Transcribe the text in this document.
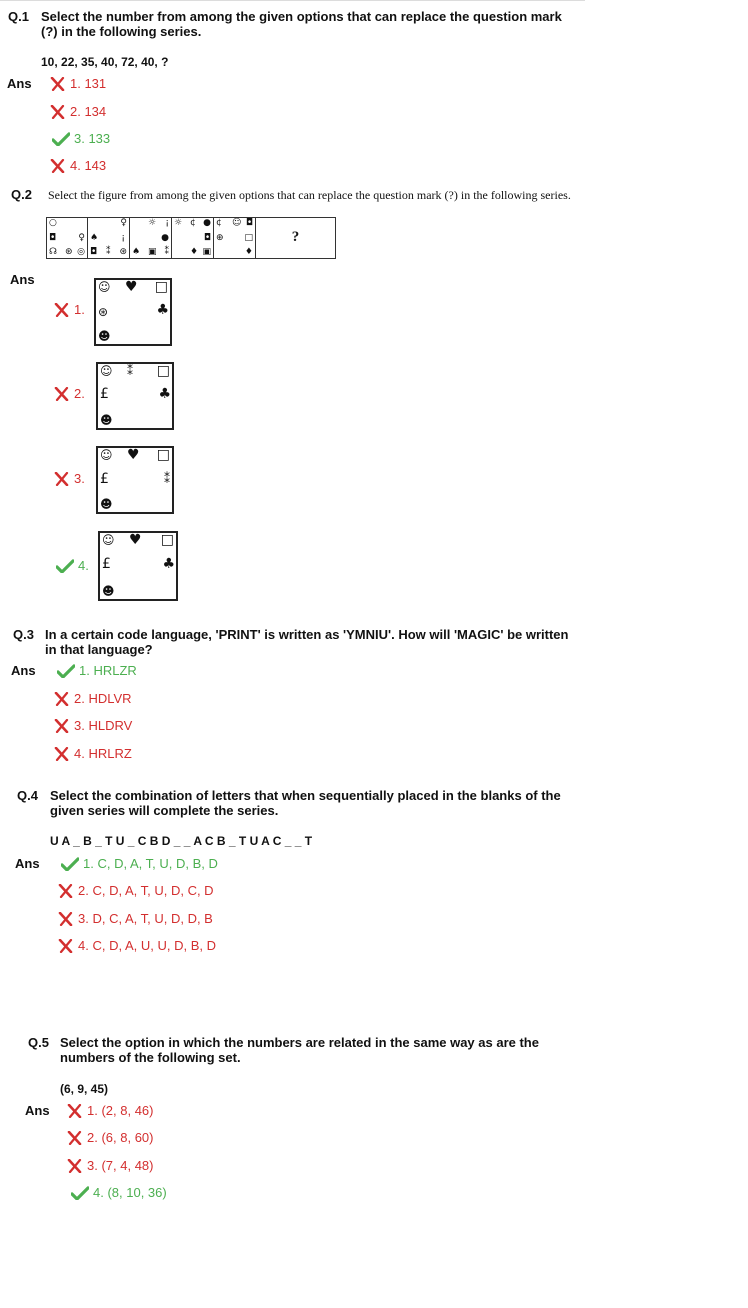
Q.1 Select the number from among the given options that can replace the question mark
(?) in the following series.
10, 22, 35, 40, 72, 40, ?
Ans	1. 131
2. 134
3. 133
4. 143
Q.2 Select the figure from among the given options that can replace the question mark (?) in the following series.
○
◘ ♀
☊ ⊛ ◎
♀
♠	¡
◘ ⁑ ⊛
☼ ¡
●
♠ ▣ ⁑
☼ ¢ ●
◘
♦ ▣
¢ ☺ ◘
⊕ □
♦
?
Ans
1.
☺ ♥ □
⊛	♣
☻
2.
☺ ⁑ □
£	♣
☻
3.
☺ ♥ □
£	⁑
☻
4.
☺ ♥ □
£	♣
☻
Q.3 In a certain code language, 'PRINT' is written as 'YMNIU'. How will 'MAGIC' be written
in that language?
Ans	1. HRLZR
2. HDLVR
3. HLDRV
4. HRLRZ
Q.4 Select the combination of letters that when sequentially placed in the blanks of the
given series will complete the series.
U A _ B _ T U _ C B D _ _ A C B _ T U A C _ _ T
Ans	1. C, D, A, T, U, D, B, D
2. C, D, A, T, U, D, C, D
3. D, C, A, T, U, D, D, B
4. C, D, A, U, U, D, B, D
Q.5 Select the option in which the numbers are related in the same way as are the
numbers of the following set.
(6, 9, 45)
Ans	1. (2, 8, 46)
2. (6, 8, 60)
3. (7, 4, 48)
4. (8, 10, 36)
